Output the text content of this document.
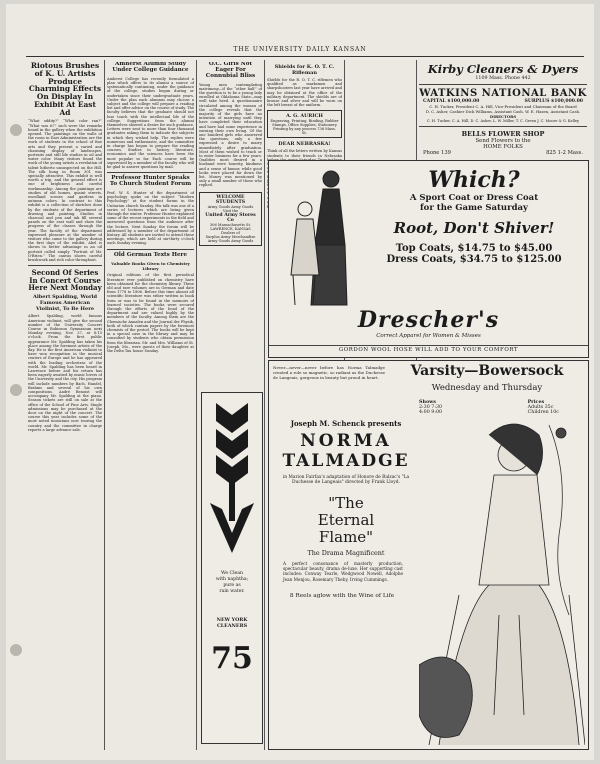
THE UNIVERSITY DAILY KANSAN
Riotous Brushes of K. U. Artists Produce Charming Effects On Display In Exhibit At East Ad
“What oddity?” “What color ran?” “What was it?” such were the remarks heard in the gallery when the exhibition opened. The paintings on the walls of the room in East Administration are the work of students in the school of fine arts and they present a varied and charming display of landscapes, portraits and still life studies in oil and water color. Many visitors found the work of the young artists a revelation of talent hitherto unsuspected on the Hill. The silk hung in Room 301 was specially attractive. This exhibit is well worth a trip, and the general effect is one of brightness and careful workmanship. Among the paintings are studies of old homes, quaint streets, woodland scenes and gardens in autumn colors. In contrast to this exhibit is a collection of sketches done by the students of the department of drawing and painting. Studies in charcoal and pen and ink fill several panels on the east wall and show the progress of the classes through the year. The faculty of the department expressed pleasure at the number of visitors who came to the gallery during the first days of the exhibit. Abel is shown to better advantage in an oil portrait called simply “Portrait of Mr. O'Brien.” The canvas shows careful brushwork and rich color throughout.
Second Of Series In Concert Course Here Next Monday
Albert Spalding, World Famous American Violinist, To Be Here
Albert Spalding, world famous American violinist, will give the second number of the University Concert Course in Robinson Gymnasium next Monday evening, Nov. 27, at 8:15 o'clock. From the first public appearance Mr. Spalding has taken his place among the foremost artists of the day. He is the first American violinist to have won recognition in the musical centers of Europe and he has appeared with the leading orchestras of the world. Mr. Spalding has been heard in Lawrence before and his return has been eagerly awaited by music lovers of the University and the city. His program will include numbers by Bach, Handel, Brahms and several of his own compositions. André Benoist will accompany Mr. Spalding at the piano. Season tickets are still on sale at the office of the School of Fine Arts. Single admissions may be purchased at the door on the night of the concert. The course this year includes some of the most noted musicians now touring the country and the committee in charge reports a large advance sale.
Amherst Alumni Study Under College Guidance
Amherst College has recently formulated a plan which offers to its alumni a source of systematically continuing, under the guidance of the college, studies begun during or undertaken since their undergraduate years. Under the plan each alumnus may choose a subject and the college will prepare a reading list and offer advice on the course of study. The faculty believes that the graduate should not lose touch with the intellectual life of the college. Suggestions from the alumni themselves showed a desire for such guidance. Letters were sent to more than four thousand graduates asking them to indicate the subjects in which they wished help. The replies were numerous and enthusiastic, and the committee in charge has begun to prepare the reading courses. Studies in history, literature, economics and the sciences have been the most popular so far. Each course will be supervised by a member of the faculty who will be glad to answer questions by mail.
Professor Hunter Speaks To Church Student Forum
Prof. W. S. Hunter of the department of psychology spoke on the subject “Modern Psychology” at the student forum in the Unitarian church Sunday. His talk was one of a series of lectures which are being given through the winter. Professor Hunter explained some of the recent experiments in the field and answered questions from the audience after the lecture. Next Sunday the forum will be addressed by a member of the department of history. All students are invited to attend these meetings, which are held at six-thirty o'clock each Sunday evening.
Old German Texts Here
Valuable Books Given to Chemistry Library
Original editions of the first periodical literature ever published on chemistry have been obtained for the chemistry library. These old and rare volumes are in German and date from 1778 to 1806. Before this time almost all scientific literature was either written in book form or was to be found in the memoirs of learned societies. The books were secured through the efforts of the head of the department and are valued highly by the members of the faculty. Among them are the Chemische Annalen and the Journal der Physik, both of which contain papers by the foremost chemists of the period. The books will be kept in a special case in the library and may be consulted by students who obtain permission from the librarian. Mr. and Mrs. Williams of St. Joseph, Mo., were guests of their daughter at the Delta Tau house Sunday.
O.C. Girls Not Eager For Connubial Bliss
Young men contemplating matrimony—if the “other half” of the question is to be a young lady enrolled at Oklahoma State—may well take heed. A questionnaire circulated among the women of the college reveals that the majority of the girls have no intention of marrying until they have completed their education and have had some experience in earning their own living. Of the one hundred girls who answered the questions, only a few expressed a desire to marry immediately after graduation. Most of them wished to teach or to enter business for a few years. Qualities most desired in a husband were honesty, kindness and a sense of humor, while good looks were placed far down the list. Money was mentioned by only a small number of those who replied.
WELCOME STUDENTS
Army Goods Army Goods
Visit the
United Army Stores Co
306 Massachusetts St.
LAWRENCE, KANSAS
Dealers of
Surplus Army Merchandise
Army Goods Army Goods
Shields for K. O. T. C. Rifleman
Shields for the R. O. T. C. riflemen who qualified as marksmen and sharpshooters last year have arrived and may be obtained at the office of the military department. The shields are of bronze and silver and will be worn on the left breast of the uniform.
A. G. AURICH
Engraving, Printing, Binding, Rubber Stamps, Office Supplies, Stationery
Printing by any process 736 Mass. St.
DEAR NEBRASKA!
Think of all the letters written by Kansas students to their friends in Nebraska
We Clean
with naphtha;
pure as
rain water.
NEW YORK CLEANERS
75
Kirby Cleaners & Dyers
1109 Mass. Phone 442
WATKINS NATIONAL BANK
CAPITAL $100,000.00	SURPLUS $100,000.00
C. H. Tucker, President C. A. Hill, Vice-President and Chairman of the Board
D. C. Asher, Cashier Dick Williams, Assistant Cash. W. E. Hazen, Assistant Cash.
DIRECTORS
C. H. Tucker, C. A. Hill, D. C. Asher, L. W. Miller, T. C. Green J. C. Moore & G. Kelley
BELLS FLOWER SHOP
Send Flowers to the
HOME FOLKS
Phone 139	825 1-2 Mass.
Which?
A Sport Coat or Dress Coat
for the Game Saturday
Root, Don't Shiver!
Top Coats, $14.75 to $45.00
Dress Coats, $34.75 to $125.00
Drescher's
Correct Apparel for Women & Misses
GORDON WOOL HOSE WILL ADD TO YOUR COMFORT
Never—never—never before has Norma Talmadge created a role so magnetic, so radiant as the Duchesse de Langeais, gorgeous in beauty but proud in heart.	Varsity—Bowersock
Wednesday and Thursday
Shows
2:30 7:30
4:00 9:00
Prices
Adults 35c
Children 10c
Joseph M. Schenck presents
NORMA
TALMADGE
in Marion Fairfax's adaptation of Honore de Balzac's "La Duchesse de Langeais" directed by Frank Lloyd.
"The
Eternal
Flame"
The Drama Magnificent
A perfect consonance of masterly production, spectacular beauty, drama de-luxe. Her supporting cast includes: Conway Tearle, Wedgwood Nowell, Adolphe Jean Menjou, Rosemary Theby, Irving Cummings.
8 Reels aglow with the Wine of Life
